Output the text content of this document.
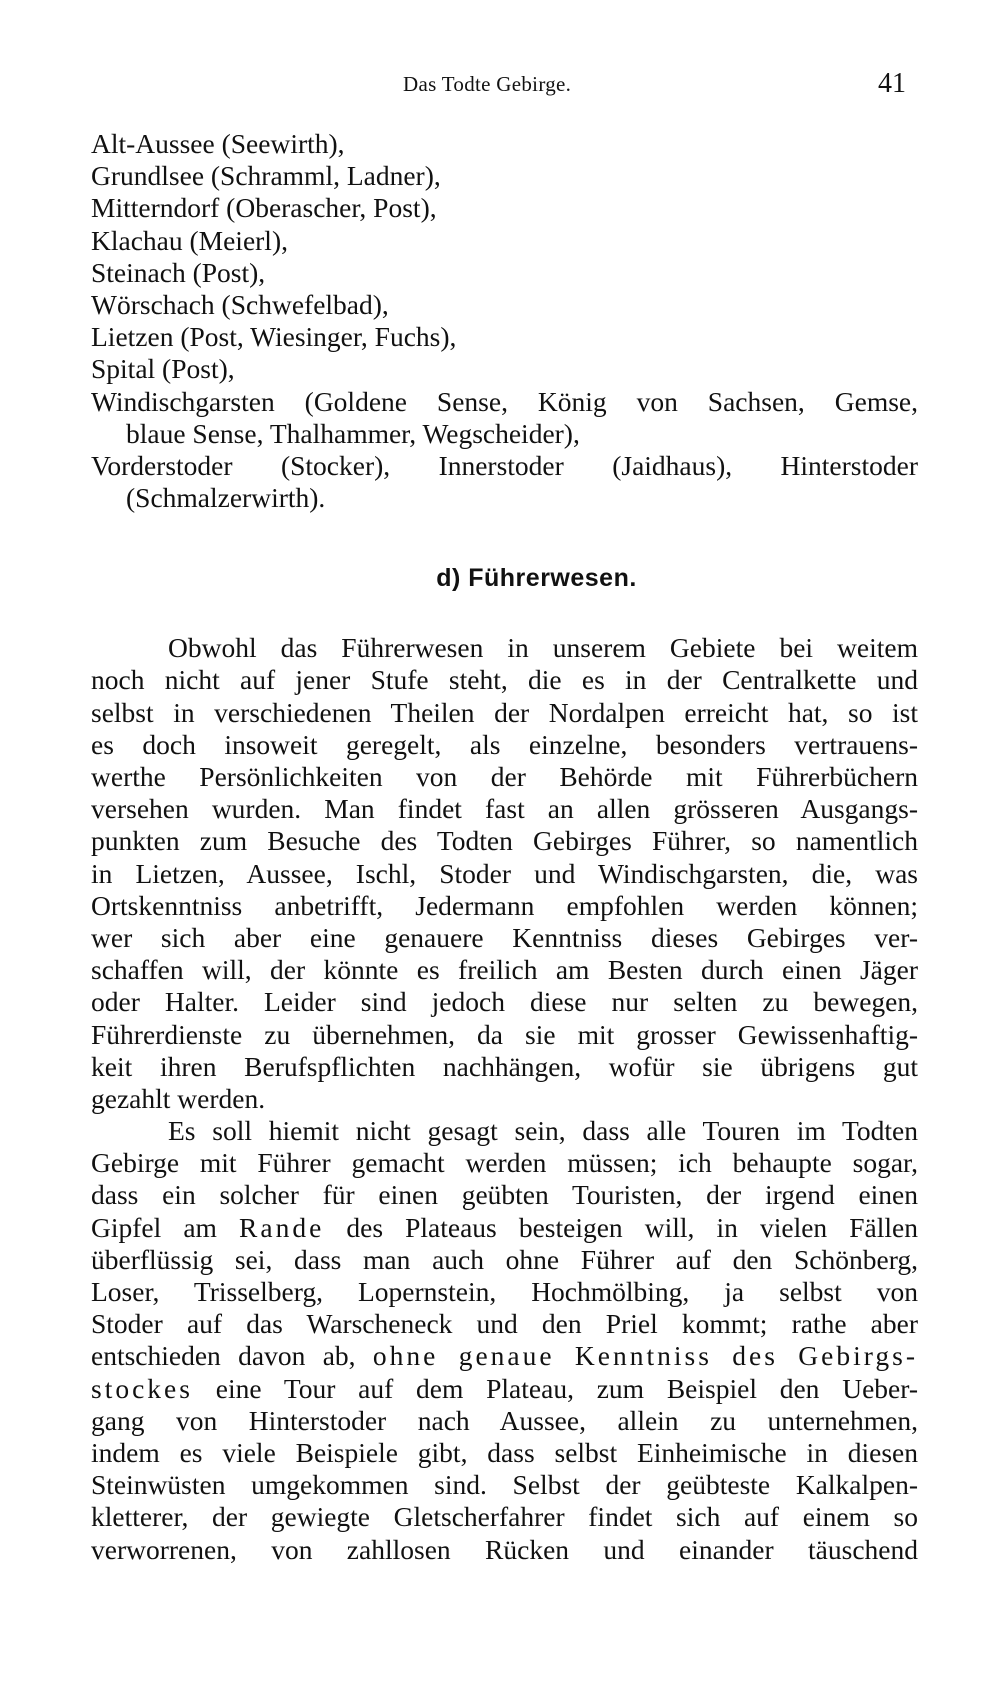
Das Todte Gebirge.	41
Alt-Aussee (Seewirth),
Grundlsee (Schramml, Ladner),
Mitterndorf (Oberascher, Post),
Klachau (Meierl),
Steinach (Post),
Wörschach (Schwefelbad),
Lietzen (Post, Wiesinger, Fuchs),
Spital (Post),
Windischgarsten (Goldene Sense, König von Sachsen, Gemse,
blaue Sense, Thalhammer, Wegscheider),
Vorderstoder (Stocker), Innerstoder (Jaidhaus), Hinterstoder
(Schmalzerwirth).
d) Führerwesen.
Obwohl das Führerwesen in unserem Gebiete bei weitem
noch nicht auf jener Stufe steht, die es in der Centralkette und
selbst in verschiedenen Theilen der Nordalpen erreicht hat, so ist
es doch insoweit geregelt, als einzelne, besonders vertrauens-
werthe Persönlichkeiten von der Behörde mit Führerbüchern
versehen wurden. Man findet fast an allen grösseren Ausgangs-
punkten zum Besuche des Todten Gebirges Führer, so namentlich
in Lietzen, Aussee, Ischl, Stoder und Windischgarsten, die, was
Ortskenntniss anbetrifft, Jedermann empfohlen werden können;
wer sich aber eine genauere Kenntniss dieses Gebirges ver-
schaffen will, der könnte es freilich am Besten durch einen Jäger
oder Halter. Leider sind jedoch diese nur selten zu bewegen,
Führerdienste zu übernehmen, da sie mit grosser Gewissenhaftig-
keit ihren Berufspflichten nachhängen, wofür sie übrigens gut
gezahlt werden.
Es soll hiemit nicht gesagt sein, dass alle Touren im Todten
Gebirge mit Führer gemacht werden müssen; ich behaupte sogar,
dass ein solcher für einen geübten Touristen, der irgend einen
Gipfel am Rande des Plateaus besteigen will, in vielen Fällen
überflüssig sei, dass man auch ohne Führer auf den Schönberg,
Loser, Trisselberg, Lopernstein, Hochmölbing, ja selbst von
Stoder auf das Warscheneck und den Priel kommt; rathe aber
entschieden davon ab, ohne genaue Kenntniss des Gebirgs-
stockes eine Tour auf dem Plateau, zum Beispiel den Ueber-
gang von Hinterstoder nach Aussee, allein zu unternehmen,
indem es viele Beispiele gibt, dass selbst Einheimische in diesen
Steinwüsten umgekommen sind. Selbst der geübteste Kalkalpen-
kletterer, der gewiegte Gletscherfahrer findet sich auf einem so
verworrenen, von zahllosen Rücken und einander täuschend
